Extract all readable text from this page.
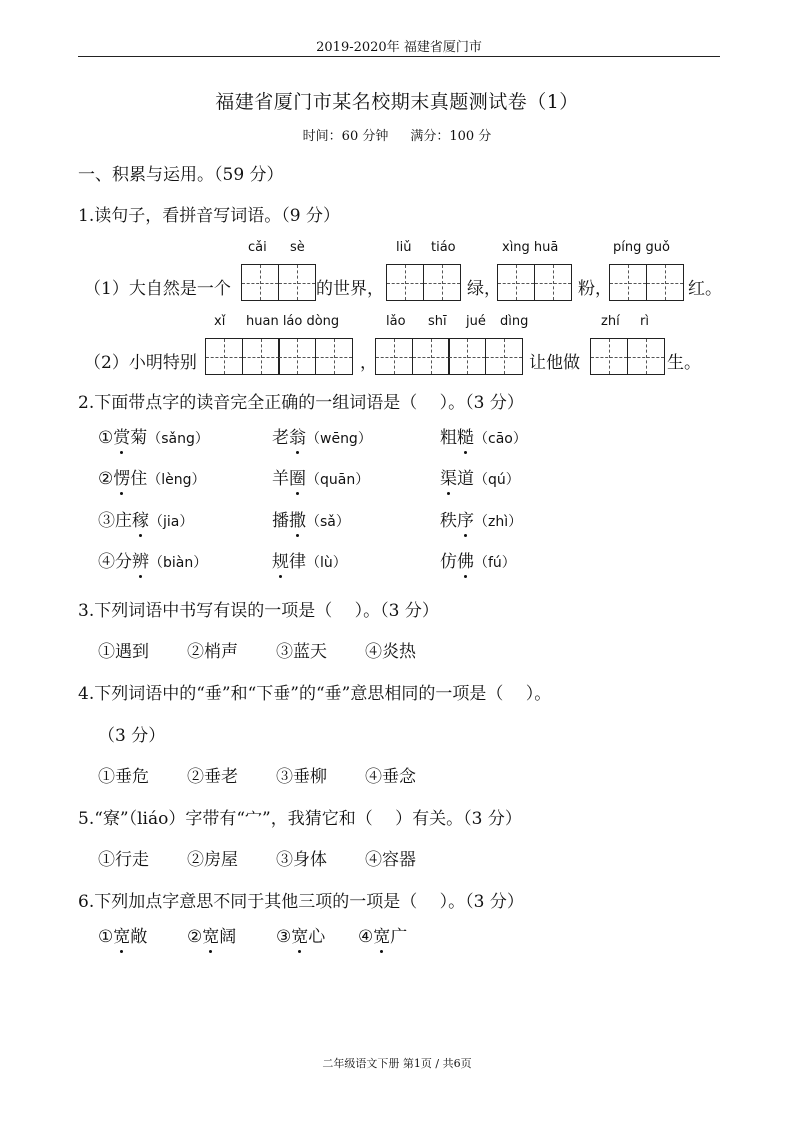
2019-2020年 福建省厦门市
福建省厦门市某名校期末真题测试卷（1）
时间：60 分钟 满分：100 分
一、积累与运用。（59 分）
1.读句子，看拼音写词语。（9 分）
cǎi sè	liǔ tiáo	xìng huā	píng guǒ
（1）大自然是一个	的世界，	绿，	粉，	红。
xǐ huan láo dòng	lǎo shī jué dìng	zhí rì
（2）小明特别	，	让他做	生。
2.下面带点字的读音完全正确的一组词语是（　 ）。（3 分）
①赏菊（sǎng）	老翁（wēng）	粗糙（cāo）
②愣住（lèng）	羊圈（quān）	渠道（qú）
③庄稼（jia）	播撒（sǎ）	秩序（zhì）
④分辨（biàn）	规律（lù）	仿佛（fú）
3.下列词语中书写有误的一项是（　 ）。（3 分）
①遇到 ②梢声 ③蓝天 ④炎热
4.下列词语中的“垂”和“下垂”的“垂”意思相同的一项是（　 ）。
（3 分）
①垂危 ②垂老 ③垂柳 ④垂念
5.“寮”（liáo）字带有“宀”，我猜它和（　 ）有关。（3 分）
①行走 ②房屋 ③身体 ④容器
6.下列加点字意思不同于其他三项的一项是（　 ）。（3 分）
①宽敞 ②宽阔 ③宽心 ④宽广
二年级语文下册 第1页 / 共6页
